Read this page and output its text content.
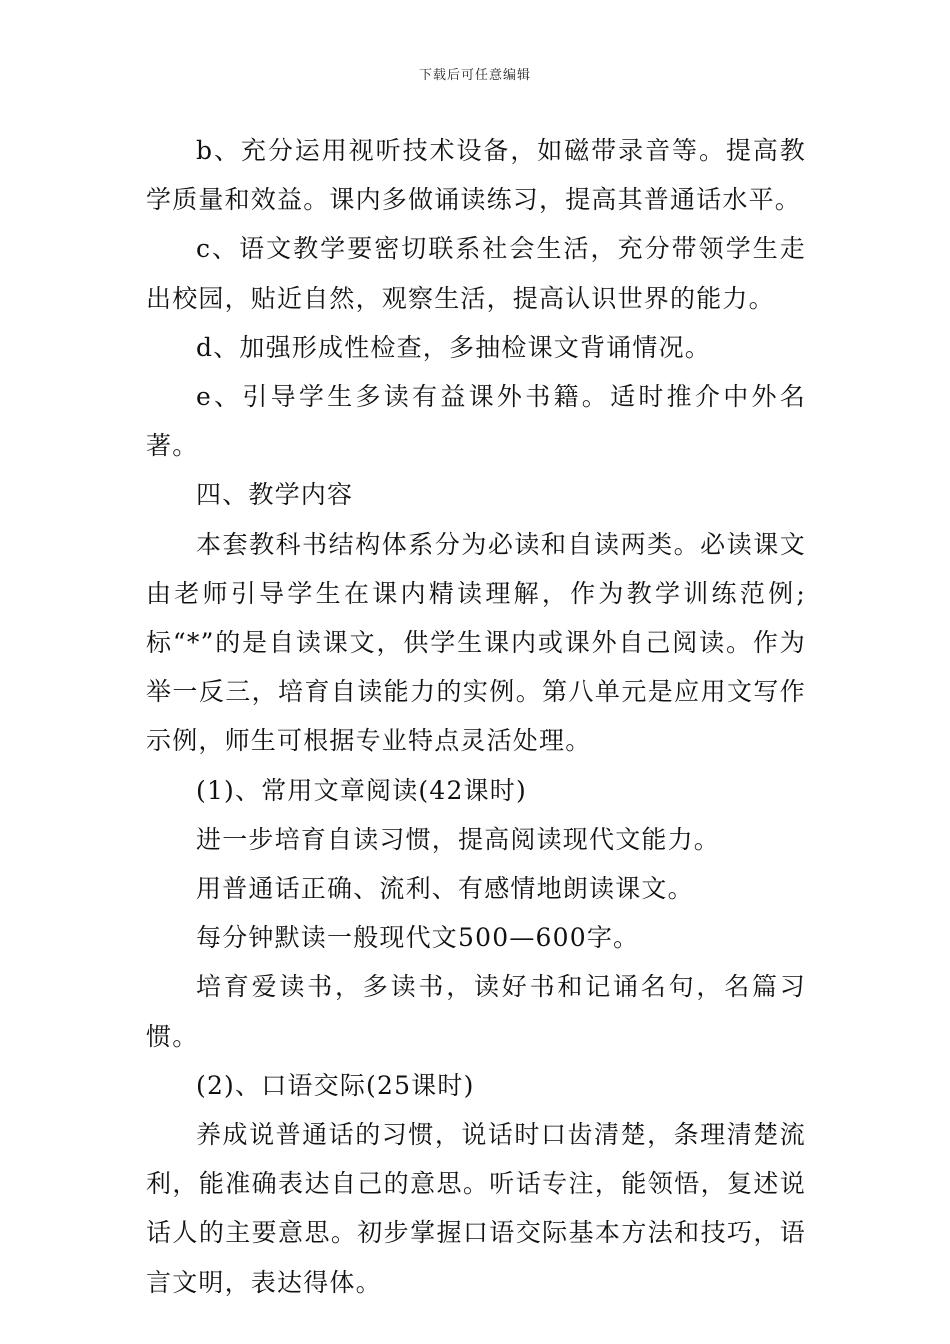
下载后可任意编辑

b、充分运用视听技术设备，如磁带录音等。提高教学质量和效益。课内多做诵读练习，提高其普通话水平。

c、语文教学要密切联系社会生活，充分带领学生走出校园，贴近自然，观察生活，提高认识世界的能力。

d、加强形成性检查，多抽检课文背诵情况。

e、引导学生多读有益课外书籍。适时推介中外名著。

四、教学内容

本套教科书结构体系分为必读和自读两类。必读课文由老师引导学生在课内精读理解，作为教学训练范例;标“*”的是自读课文，供学生课内或课外自己阅读。作为举一反三，培育自读能力的实例。第八单元是应用文写作示例，师生可根据专业特点灵活处理。

(1)、常用文章阅读(42课时)

进一步培育自读习惯，提高阅读现代文能力。

用普通话正确、流利、有感情地朗读课文。

每分钟默读一般现代文500—600字。

培育爱读书，多读书，读好书和记诵名句，名篇习惯。

(2)、口语交际(25课时)

养成说普通话的习惯，说话时口齿清楚，条理清楚流利，能准确表达自己的意思。听话专注，能领悟，复述说话人的主要意思。初步掌握口语交际基本方法和技巧，语言文明，表达得体。
